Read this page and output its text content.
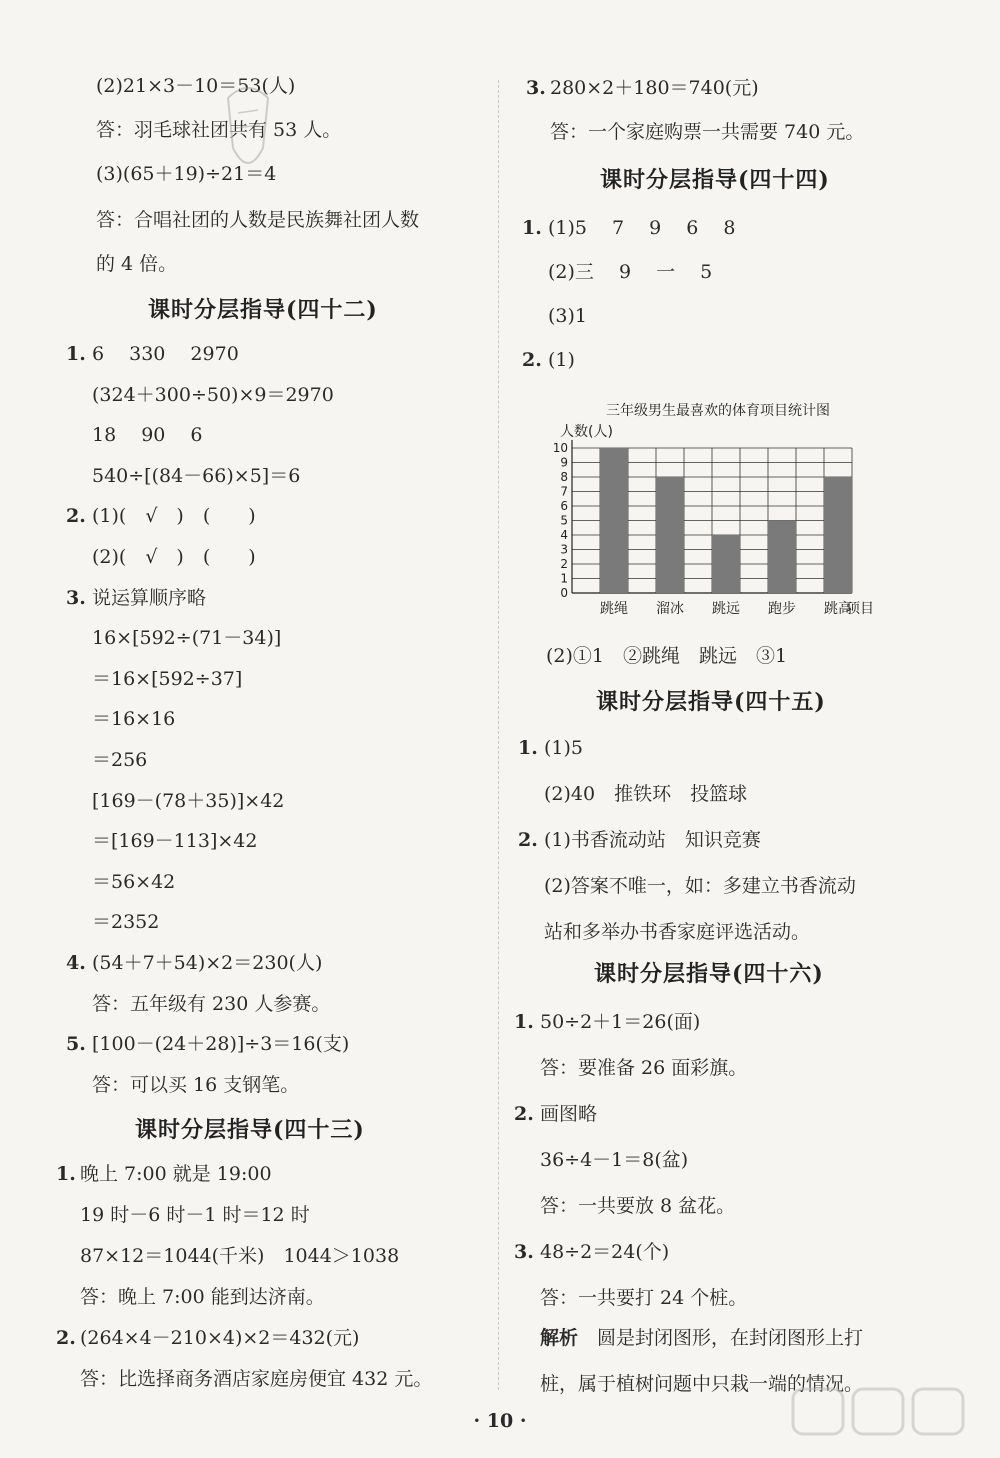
(2)21×3－10＝53(人)
答：羽毛球社团共有 53 人。
(3)(65＋19)÷21＝4
答：合唱社团的人数是民族舞社团人数
的 4 倍。
课时分层指导(四十二)
1. 6　 330　 2970
(324＋300÷50)×9＝2970
18　 90　 6
540÷[(84－66)×5]＝6
2. (1)(　√　)　(　　)
(2)(　√　)　(　　)
3. 说运算顺序略
16×[592÷(71－34)]
＝16×[592÷37]
＝16×16
＝256
[169－(78＋35)]×42
＝[169－113]×42
＝56×42
＝2352
4. (54＋7＋54)×2＝230(人)
答：五年级有 230 人参赛。
5. [100－(24＋28)]÷3＝16(支)
答：可以买 16 支钢笔。
课时分层指导(四十三)
1. 晚上 7:00 就是 19:00
19 时－6 时－1 时＝12 时
87×12＝1044(千米)　1044＞1038
答：晚上 7:00 能到达济南。
2. (264×4－210×4)×2＝432(元)
答：比选择商务酒店家庭房便宜 432 元。
3. 280×2＋180＝740(元)
答：一个家庭购票一共需要 740 元。
课时分层指导(四十四)
1. (1)5　 7　 9　 6　 8
(2)三　 9　 一　 5
(3)1
2. (1)
三年级男生最喜欢的体育项目统计图
人数(人)
0
1
2
3
4
5
6
7
8
9
10
跳绳 溜冰 跳远 跑步 跳高
项目
(2)①1　②跳绳　跳远　③1
课时分层指导(四十五)
1. (1)5
(2)40　推铁环　投篮球
2. (1)书香流动站　知识竞赛
(2)答案不唯一，如：多建立书香流动
站和多举办书香家庭评选活动。
课时分层指导(四十六)
1. 50÷2＋1＝26(面)
答：要准备 26 面彩旗。
2. 画图略
36÷4－1＝8(盆)
答：一共要放 8 盆花。
3. 48÷2＝24(个)
答：一共要打 24 个桩。
解析　圆是封闭图形，在封闭图形上打
桩，属于植树问题中只栽一端的情况。
· 10 ·
